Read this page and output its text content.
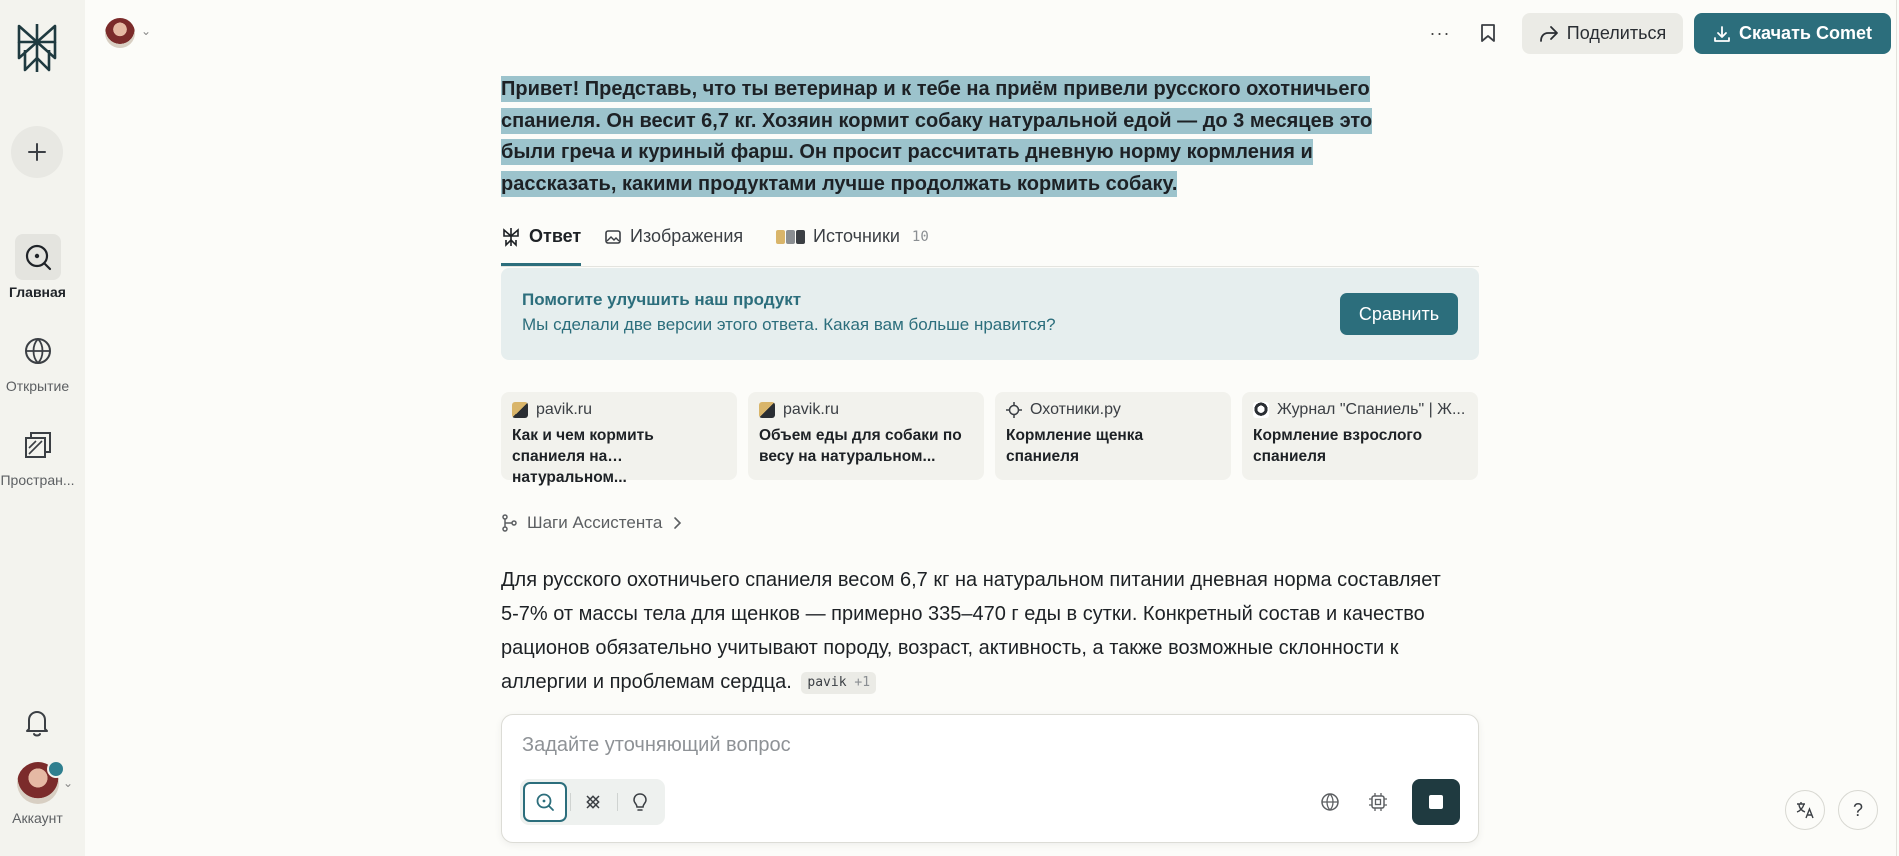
Главная
Открытие
Простран...
⌄
Аккаунт
⌄	···	Поделиться	Скачать Comet
Привет! Представь, что ты ветеринар и к тебе на приём привели русского охотничьего спаниеля. Он весит 6,7 кг. Хозяин кормит собаку натуральной едой — до 3 месяцев это были греча и куриный фарш. Он просит рассчитать дневную норму кормления и рассказать, какими продуктами лучше продолжать кормить собаку.
Ответ	Изображения	Источники 10
Помогите улучшить наш продукт
Мы сделали две версии этого ответа. Какая вам больше нравится?
Сравнить
pavik.ru
Как и чем кормить спаниеля на натуральном...
pavik.ru
Объем еды для собаки по весу на натуральном...
Охотники.ру
Кормление щенка спаниеля
Журнал "Спаниель" | Ж...
Кормление взрослого спаниеля
Шаги Ассистента
Для русского охотничьего спаниеля весом 6,7 кг на натуральном питании дневная норма составляет 5-7% от массы тела для щенков — примерно 335–470 г еды в сутки. Конкретный состав и качество рационов обязательно учитывают породу, возраст, активность, а также возможные склонности к аллергии и проблемам сердца. pavik +1
Задайте уточняющий вопрос
?
